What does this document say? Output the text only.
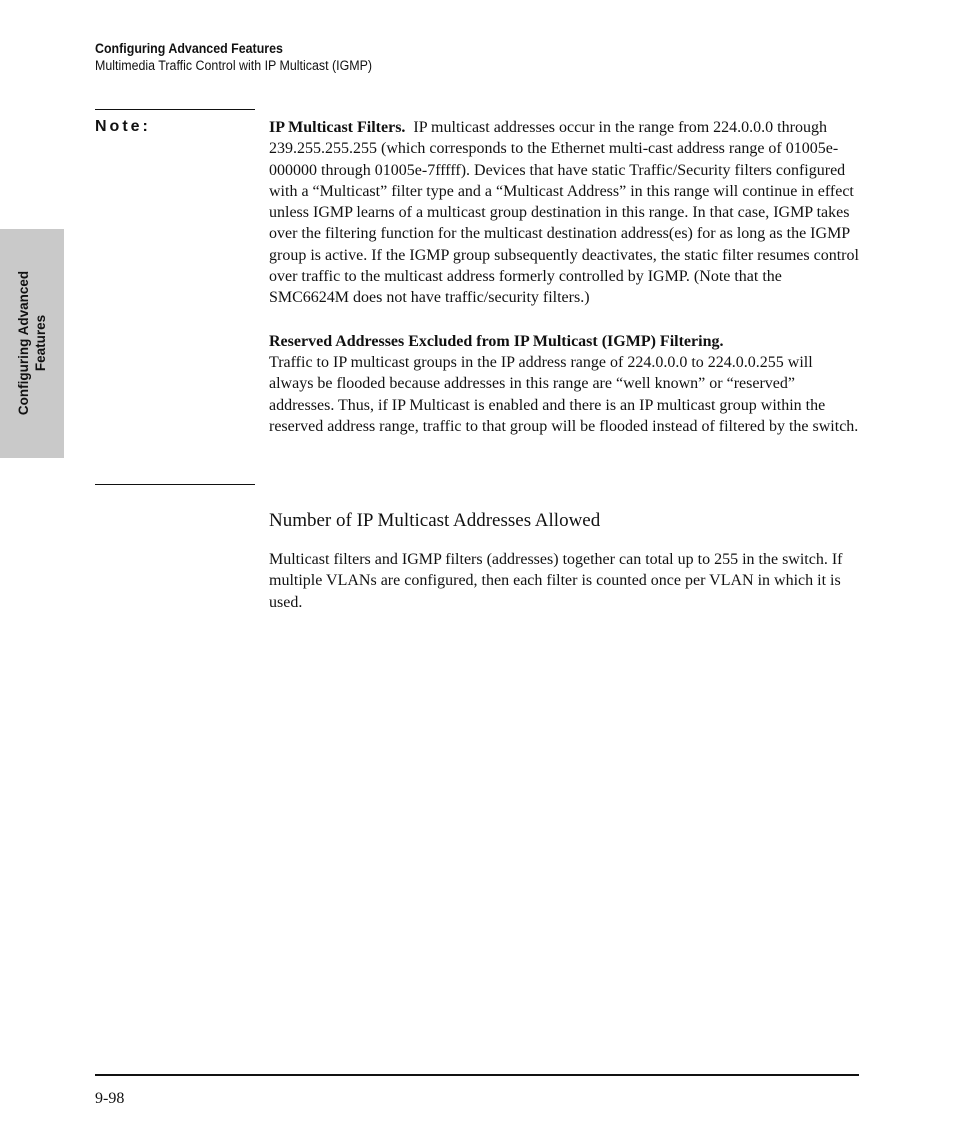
Configuring Advanced Features
Multimedia Traffic Control with IP Multicast (IGMP)
Configuring Advanced Features
Note:	IP Multicast Filters. IP multicast addresses occur in the range from 224.0.0.0 through 239.255.255.255 (which corresponds to the Ethernet multi-cast address range of 01005e-000000 through 01005e-7fffff). Devices that have static Traffic/Security filters configured with a “Multicast” filter type and a “Multicast Address” in this range will continue in effect unless IGMP learns of a multicast group destination in this range. In that case, IGMP takes over the filtering function for the multicast destination address(es) for as long as the IGMP group is active. If the IGMP group subsequently deactivates, the static filter resumes control over traffic to the multicast address formerly controlled by IGMP. (Note that the SMC6624M does not have traffic/security filters.)

Reserved Addresses Excluded from IP Multicast (IGMP) Filtering.
Traffic to IP multicast groups in the IP address range of 224.0.0.0 to 224.0.0.255 will always be flooded because addresses in this range are “well known” or “reserved” addresses. Thus, if IP Multicast is enabled and there is an IP multicast group within the reserved address range, traffic to that group will be flooded instead of filtered by the switch.

Number of IP Multicast Addresses Allowed

Multicast filters and IGMP filters (addresses) together can total up to 255 in the switch. If multiple VLANs are configured, then each filter is counted once per VLAN in which it is used.

9-98
